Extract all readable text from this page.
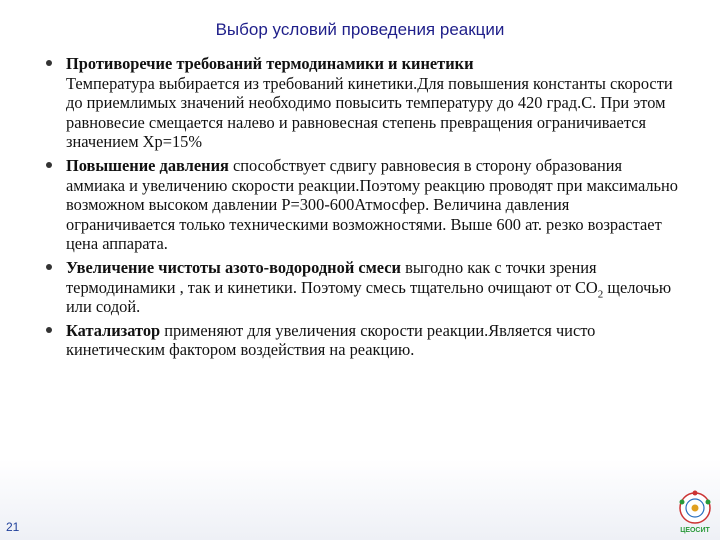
Выбор условий проведения реакции
Противоречие требований термодинамики и кинетики
Температура выбирается из требований кинетики.Для повышения константы скорости до приемлимых значений необходимо повысить температуру до 420 град.С. При этом равновесие смещается налево и равновесная степень превращения ограничивается значением Хр=15%
Повышение давления способствует сдвигу равновесия в сторону образования аммиака и увеличению скорости реакции.Поэтому реакцию проводят при максимально возможном высоком давлении Р=300-600Атмосфер. Величина давления ограничивается только техническими возможностями. Выше 600 ат. резко возрастает цена аппарата.
Увеличение чистоты азото-водородной смеси выгодно как с точки зрения термодинамики , так и кинетики. Поэтому смесь тщательно очищают от $СО_2$ щелочью или содой.
Катализатор применяют для увеличения скорости реакции.Является чисто кинетическим фактором воздействия на реакцию.
21	ЦЕОСИТ
